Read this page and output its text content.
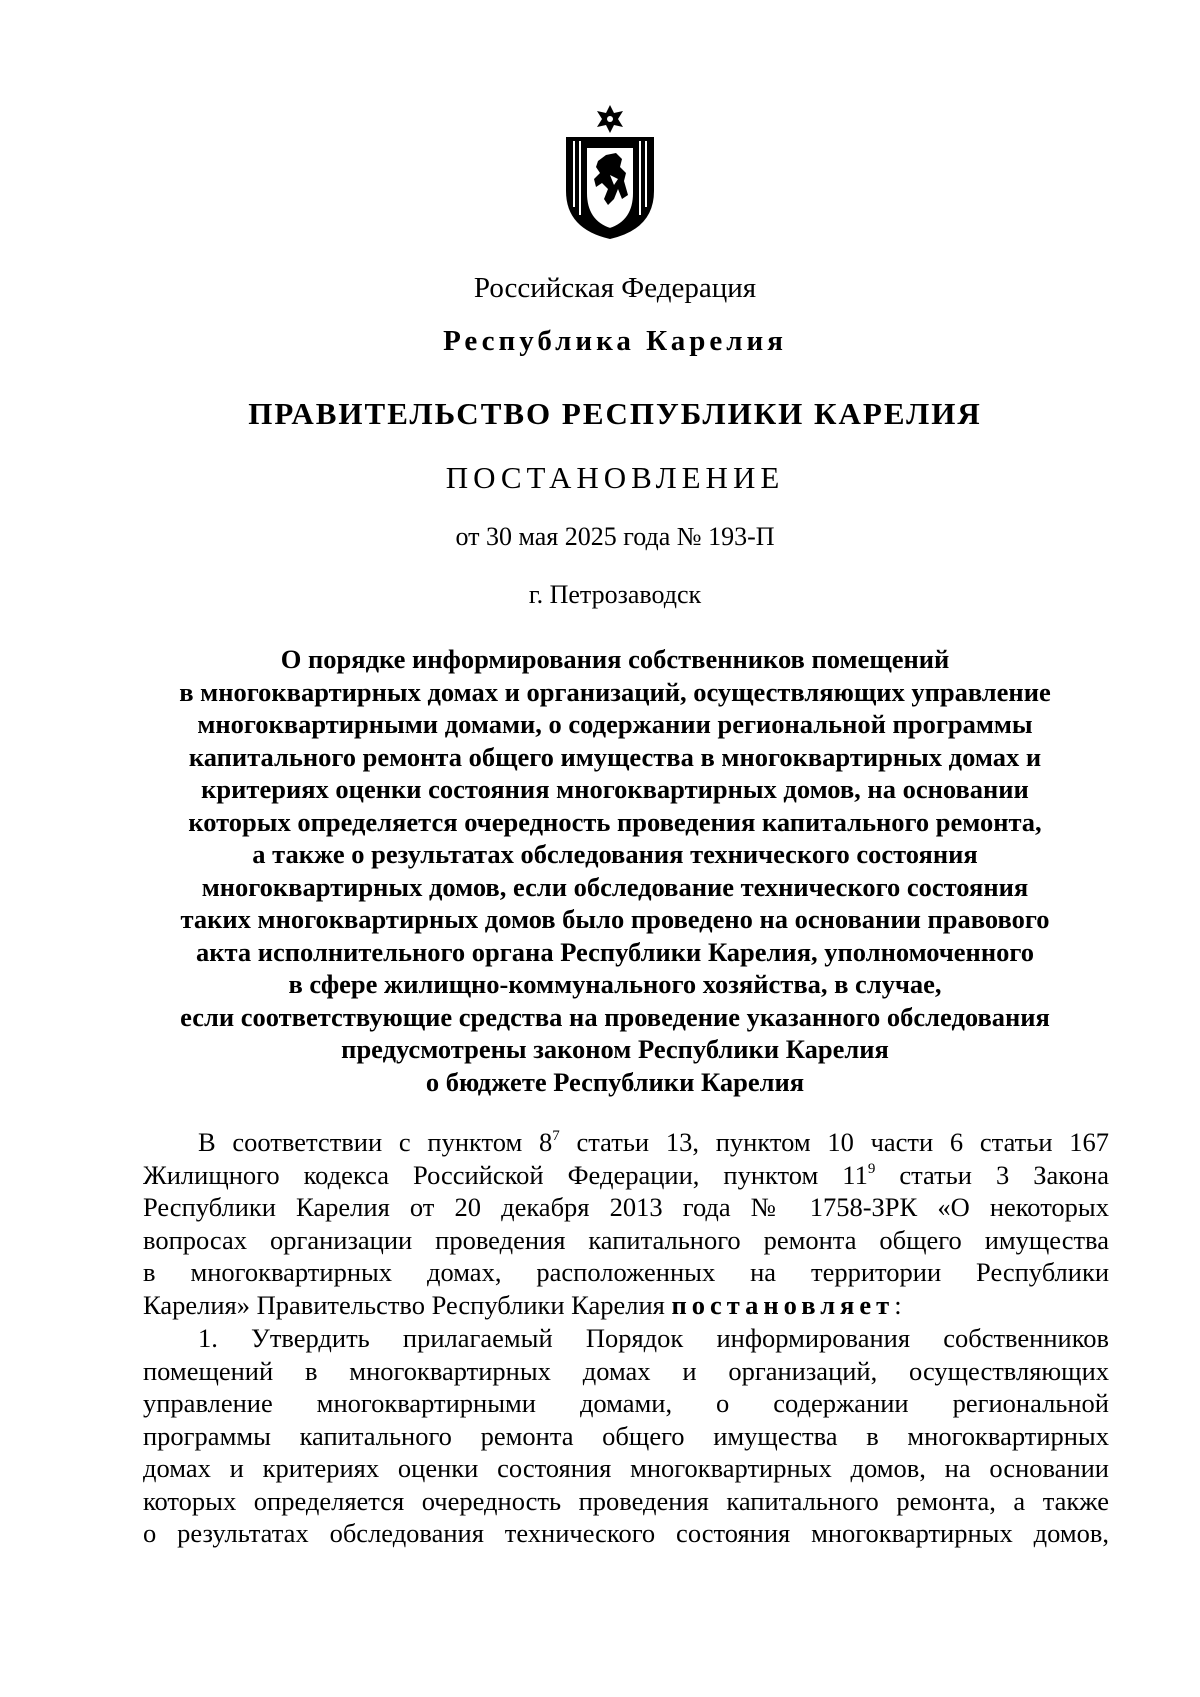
Российская Федерация
Республика Карелия
ПРАВИТЕЛЬСТВО РЕСПУБЛИКИ КАРЕЛИЯ
ПОСТАНОВЛЕНИЕ
от 30 мая 2025 года № 193-П
г. Петрозаводск
О порядке информирования собственников помещений
в многоквартирных домах и организаций, осуществляющих управление
многоквартирными домами, о содержании региональной программы
капитального ремонта общего имущества в многоквартирных домах и
критериях оценки состояния многоквартирных домов, на основании
которых определяется очередность проведения капитального ремонта,
а также о результатах обследования технического состояния
многоквартирных домов, если обследование технического состояния
таких многоквартирных домов было проведено на основании правового
акта исполнительного органа Республики Карелия, уполномоченного
в сфере жилищно-коммунального хозяйства, в случае,
если соответствующие средства на проведение указанного обследования
предусмотрены законом Республики Карелия
о бюджете Республики Карелия
В соответствии с пунктом $8^7$ статьи 13, пунктом 10 части 6 статьи 167
Жилищного кодекса Российской Федерации, пунктом $11^9$ статьи 3 Закона
Республики Карелия от 20 декабря 2013 года № 1758-ЗРК «О некоторых
вопросах организации проведения капитального ремонта общего имущества
в многоквартирных домах, расположенных на территории Республики
Карелия» Правительство Республики Карелия постановляет:
1. Утвердить прилагаемый Порядок информирования собственников
помещений в многоквартирных домах и организаций, осуществляющих
управление многоквартирными домами, о содержании региональной
программы капитального ремонта общего имущества в многоквартирных
домах и критериях оценки состояния многоквартирных домов, на основании
которых определяется очередность проведения капитального ремонта, а также
о результатах обследования технического состояния многоквартирных домов,
